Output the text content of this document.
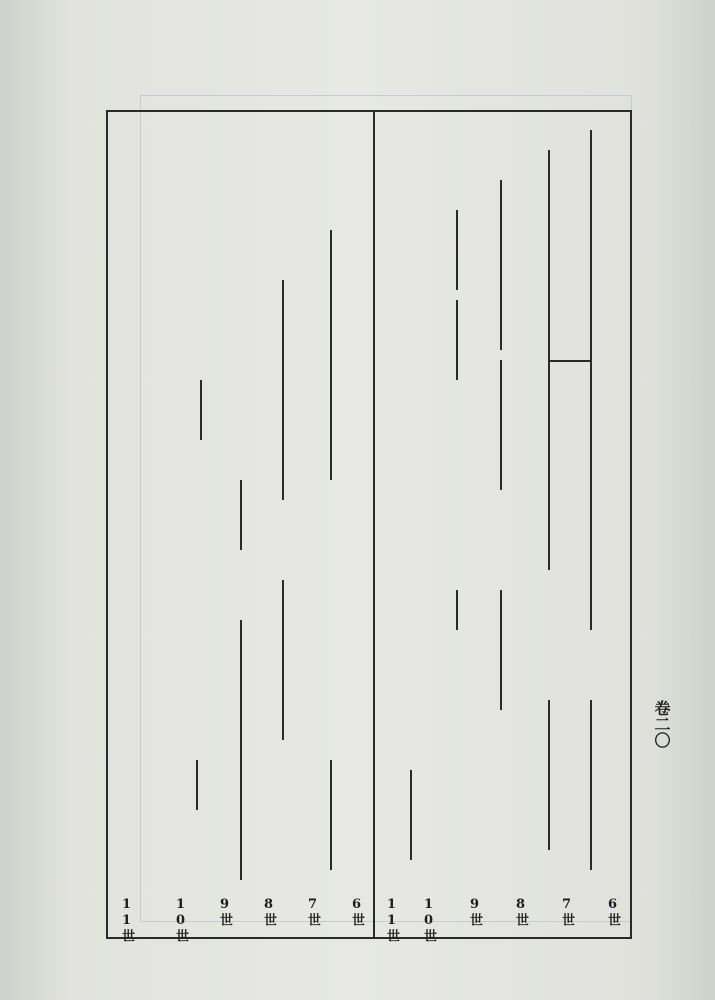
卷二〇
6世
7世
8世
9世
10世
11世
6世
7世
8世
9世
10世
11世
